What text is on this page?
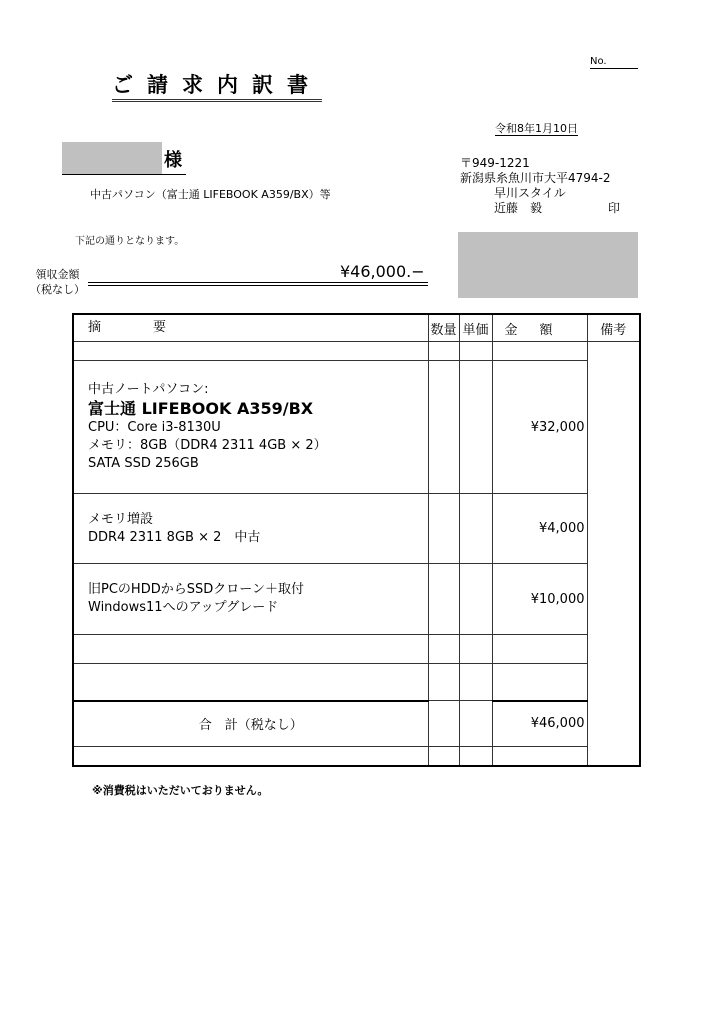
No.
ご請求内訳書
令和8年1月10日
様
中古パソコン（富士通 LIFEBOOK A359/BX）等
〒949-1221
新潟県糸魚川市大平4794-2
早川スタイル
近藤　毅	印
下記の通りとなります。
領収金額
（税なし）
¥46,000.−
摘　　　　要	数量	単価	金額	備考

中古ノートパソコン:
富士通 LIFEBOOK A359/BX
CPU：Core i3-8130U
メモリ：8GB（DDR4 2311 4GB × 2）
SATA SSD 256GB			¥32,000	

メモリ増設
DDR4 2311 8GB × 2　中古			¥4,000	

旧PCのHDDからSSDクローン＋取付
Windows11へのアップグレード			¥10,000	

合　計（税なし）			¥46,000	

※消費税はいただいておりません。
